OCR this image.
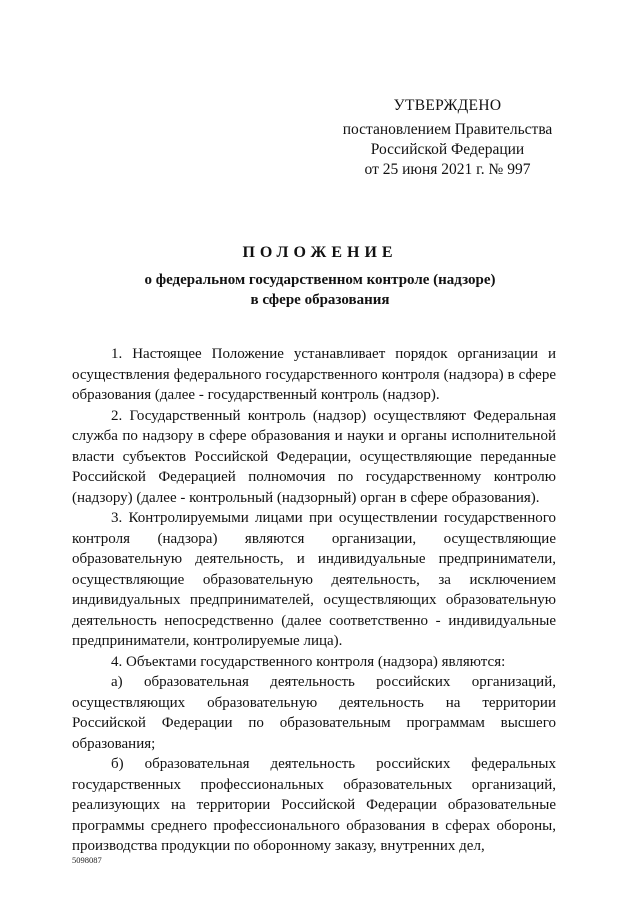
УТВЕРЖДЕНО
постановлением Правительства
Российской Федерации
от 25 июня 2021 г. № 997
ПОЛОЖЕНИЕ
о федеральном государственном контроле (надзоре)
в сфере образования

1. Настоящее Положение устанавливает порядок организации и осуществления федерального государственного контроля (надзора) в сфере образования (далее - государственный контроль (надзор).

2. Государственный контроль (надзор) осуществляют Федеральная служба по надзору в сфере образования и науки и органы исполнительной власти субъектов Российской Федерации, осуществляющие переданные Российской Федерацией полномочия по государственному контролю (надзору) (далее - контрольный (надзорный) орган в сфере образования).

3. Контролируемыми лицами при осуществлении государственного контроля (надзора) являются организации, осуществляющие образовательную деятельность, и индивидуальные предприниматели, осуществляющие образовательную деятельность, за исключением индивидуальных предпринимателей, осуществляющих образовательную деятельность непосредственно (далее соответственно - индивидуальные предприниматели, контролируемые лица).

4. Объектами государственного контроля (надзора) являются:

а) образовательная деятельность российских организаций, осуществляющих образовательную деятельность на территории Российской Федерации по образовательным программам высшего образования;

б) образовательная деятельность российских федеральных государственных профессиональных образовательных организаций, реализующих на территории Российской Федерации образовательные программы среднего профессионального образования в сферах обороны, производства продукции по оборонному заказу, внутренних дел,

5098087
